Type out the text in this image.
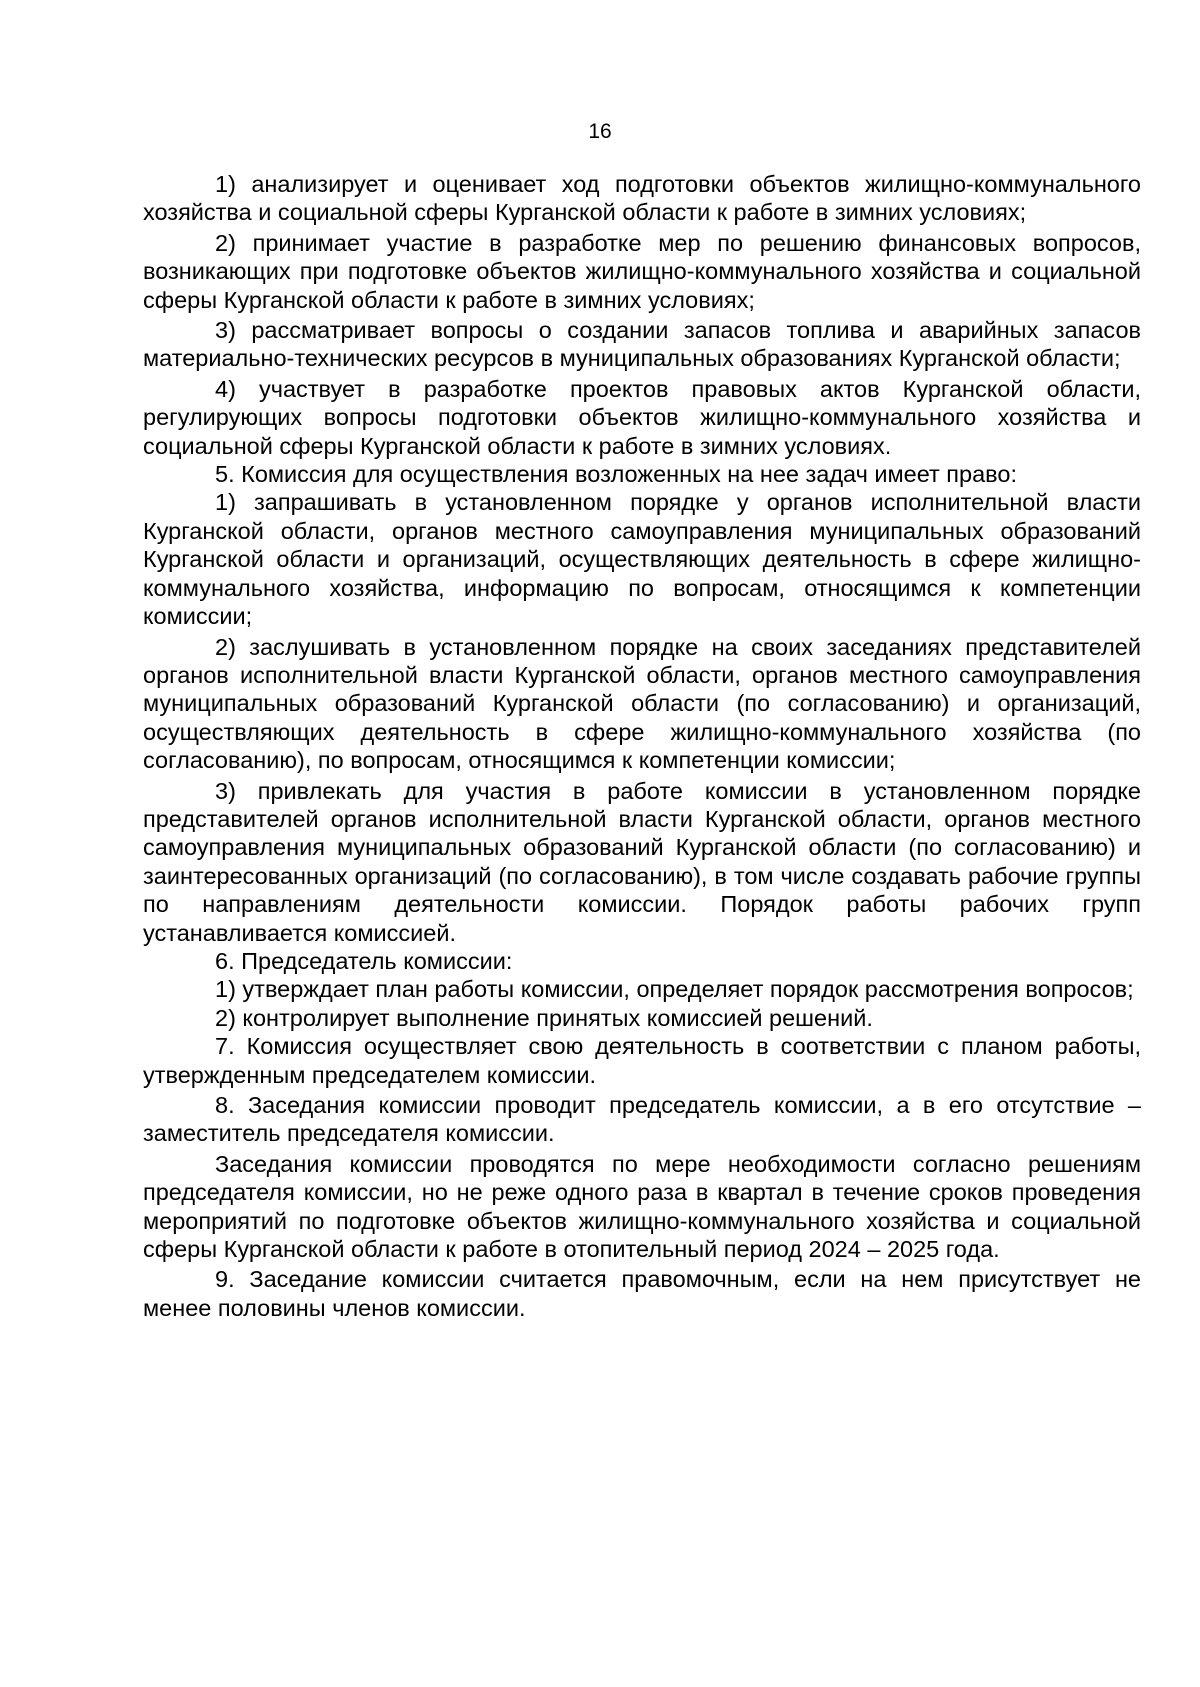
16

1) анализирует и оценивает ход подготовки объектов жилищно-коммунального хозяйства и социальной сферы Курганской области к работе в зимних условиях;

2) принимает участие в разработке мер по решению финансовых вопросов, возникающих при подготовке объектов жилищно-коммунального хозяйства и социальной сферы Курганской области к работе в зимних условиях;

3) рассматривает вопросы о создании запасов топлива и аварийных запасов материально-технических ресурсов в муниципальных образованиях Курганской области;

4) участвует в разработке проектов правовых актов Курганской области, регулирующих вопросы подготовки объектов жилищно-коммунального хозяйства и социальной сферы Курганской области к работе в зимних условиях.

5. Комиссия для осуществления возложенных на нее задач имеет право:

1) запрашивать в установленном порядке у органов исполнительной власти Курганской области, органов местного самоуправления муниципальных образований Курганской области и организаций, осуществляющих деятельность в сфере жилищно-коммунального хозяйства, информацию по вопросам, относящимся к компетенции комиссии;

2) заслушивать в установленном порядке на своих заседаниях представителей органов исполнительной власти Курганской области, органов местного самоуправления муниципальных образований Курганской области (по согласованию) и организаций, осуществляющих деятельность в сфере жилищно-коммунального хозяйства (по согласованию), по вопросам, относящимся к компетенции комиссии;

3) привлекать для участия в работе комиссии в установленном порядке представителей органов исполнительной власти Курганской области, органов местного самоуправления муниципальных образований Курганской области (по согласованию) и заинтересованных организаций (по согласованию), в том числе создавать рабочие группы по направлениям деятельности комиссии. Порядок работы рабочих групп устанавливается комиссией.

6. Председатель комиссии:

1) утверждает план работы комиссии, определяет порядок рассмотрения вопросов;

2) контролирует выполнение принятых комиссией решений.

7. Комиссия осуществляет свою деятельность в соответствии с планом работы, утвержденным председателем комиссии.

8. Заседания комиссии проводит председатель комиссии, а в его отсутствие – заместитель председателя комиссии.

Заседания комиссии проводятся по мере необходимости согласно решениям председателя комиссии, но не реже одного раза в квартал в течение сроков проведения мероприятий по подготовке объектов жилищно-коммунального хозяйства и социальной сферы Курганской области к работе в отопительный период 2024 – 2025 года.

9. Заседание комиссии считается правомочным, если на нем присутствует не менее половины членов комиссии.
